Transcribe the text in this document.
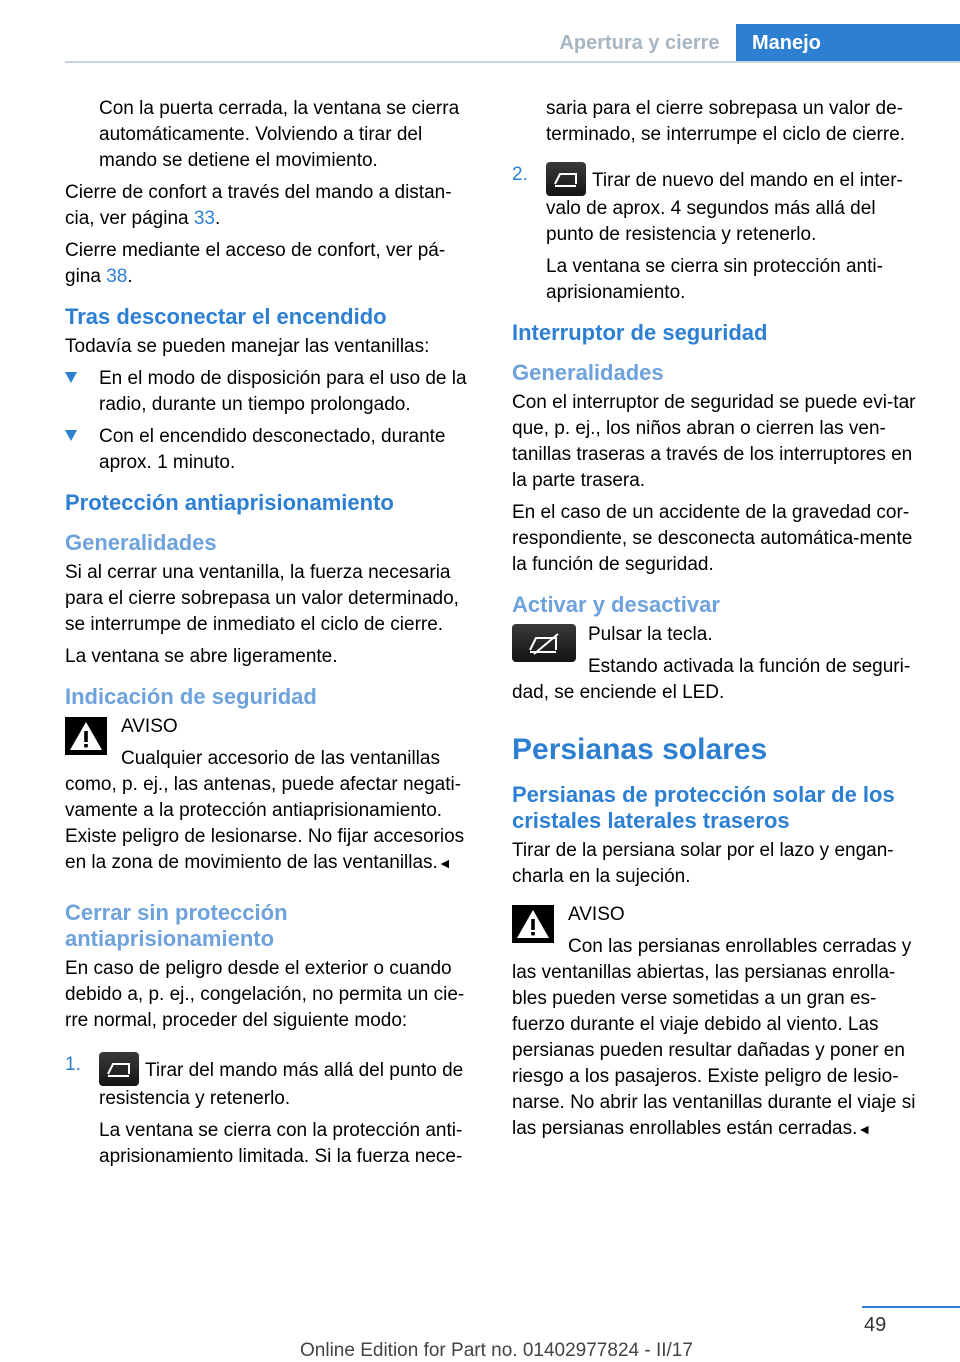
Apertura y cierre	Manejo

Con la puerta cerrada, la ventana se cierra automáticamente. Volviendo a tirar del mando se detiene el movimiento.

Cierre de confort a través del mando a distan‐cia, ver página 33.

Cierre mediante el acceso de confort, ver pá‐gina 38.

Tras desconectar el encendido

Todavía se pueden manejar las ventanillas:

En el modo de disposición para el uso de la radio, durante un tiempo prolongado.
Con el encendido desconectado, durante aprox. 1 minuto.
Protección antiaprisionamiento
Generalidades

Si al cerrar una ventanilla, la fuerza necesaria para el cierre sobrepasa un valor determinado, se interrumpe de inmediato el ciclo de cierre.

La ventana se abre ligeramente.

Indicación de seguridad
AVISO
Cualquier accesorio de las ventanillas como, p. ej., las antenas, puede afectar negati‐vamente a la protección antiaprisionamiento. Existe peligro de lesionarse. No fijar accesorios en la zona de movimiento de las ventanillas.◄
Cerrar sin protección antiaprisionamiento

En caso de peligro desde el exterior o cuando debido a, p. ej., congelación, no permita un cie‐rre normal, proceder del siguiente modo:

1.	Tirar del mando más allá del punto de resistencia y retenerlo.

La ventana se cierra con la protección anti‐aprisionamiento limitada. Si la fuerza nece‐

saria para el cierre sobrepasa un valor de‐terminado, se interrumpe el ciclo de cierre.

2.	Tirar de nuevo del mando en el inter‐valo de aprox. 4 segundos más allá del punto de resistencia y retenerlo.

La ventana se cierra sin protección anti‐aprisionamiento.

Interruptor de seguridad
Generalidades

Con el interruptor de seguridad se puede evi‐tar que, p. ej., los niños abran o cierren las ven‐tanillas traseras a través de los interruptores en la parte trasera.

En el caso de un accidente de la gravedad cor‐respondiente, se desconecta automática‐mente la función de seguridad.

Activar y desactivar

Pulsar la tecla.

Estando activada la función de seguri‐dad, se enciende el LED.

Persianas solares
Persianas de protección solar de los cristales laterales traseros

Tirar de la persiana solar por el lazo y engan‐charla en la sujeción.

AVISO
Con las persianas enrollables cerradas y las ventanillas abiertas, las persianas enrolla‐bles pueden verse sometidas a un gran es‐fuerzo durante el viaje debido al viento. Las persianas pueden resultar dañadas y poner en riesgo a los pasajeros. Existe peligro de lesio‐narse. No abrir las ventanillas durante el viaje si las persianas enrollables están cerradas.◄
49
Online Edition for Part no. 01402977824 - II/17
